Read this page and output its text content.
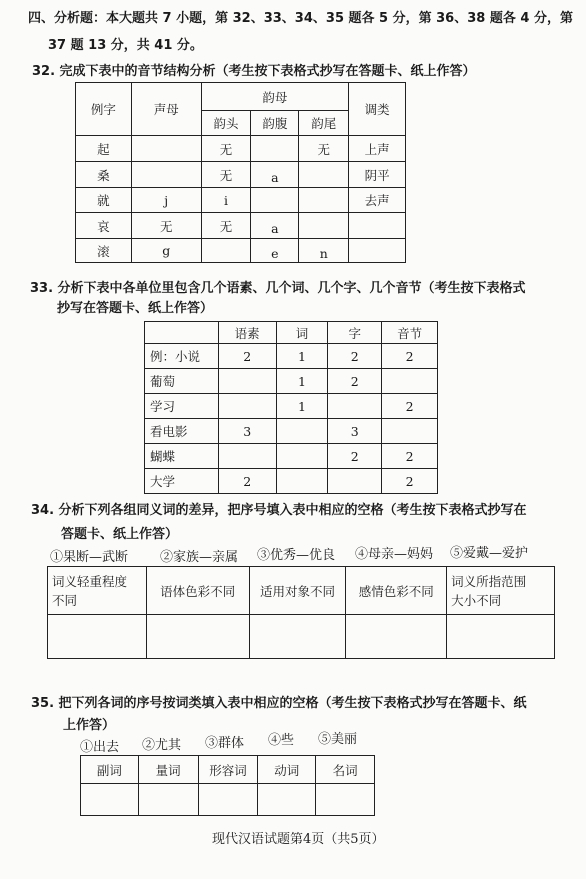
四、分析题：本大题共 7 小题，第 32、33、34、35 题各 5 分，第 36、38 题各 4 分，第
37 题 13 分，共 41 分。
32. 完成下表中的音节结构分析（考生按下表格式抄写在答题卡、纸上作答）
例字	声母	韵母			调类
		韵头	韵腹	韵尾	
起		无		无	上声
桑		无	a		阴平
就	j	i			去声
哀	无	无	a		
滚	g		e	n	
33. 分析下表中各单位里包含几个语素、几个词、几个字、几个音节（考生按下表格式
抄写在答题卡、纸上作答）
	语素	词	字	音节
例：小说	2	1	2	2
葡萄		1	2	
学习		1		2
看电影	3		3	
蝴蝶			2	2
大学	2			2
34. 分析下列各组同义词的差异，把序号填入表中相应的空格（考生按下表格式抄写在
答题卡、纸上作答）
①果断—武断 ②家族—亲属 ③优秀—优良 ④母亲—妈妈 ⑤爱戴—爱护
词义轻重程度
不同	语体色彩不同	适用对象不同	感情色彩不同	词义所指范围
大小不同

35. 把下列各词的序号按词类填入表中相应的空格（考生按下表格式抄写在答题卡、纸
上作答）
①出去 ②尤其 ③群体 ④些 ⑤美丽
副词	量词	形容词	动词	名词

现代汉语试题第4页（共5页）
